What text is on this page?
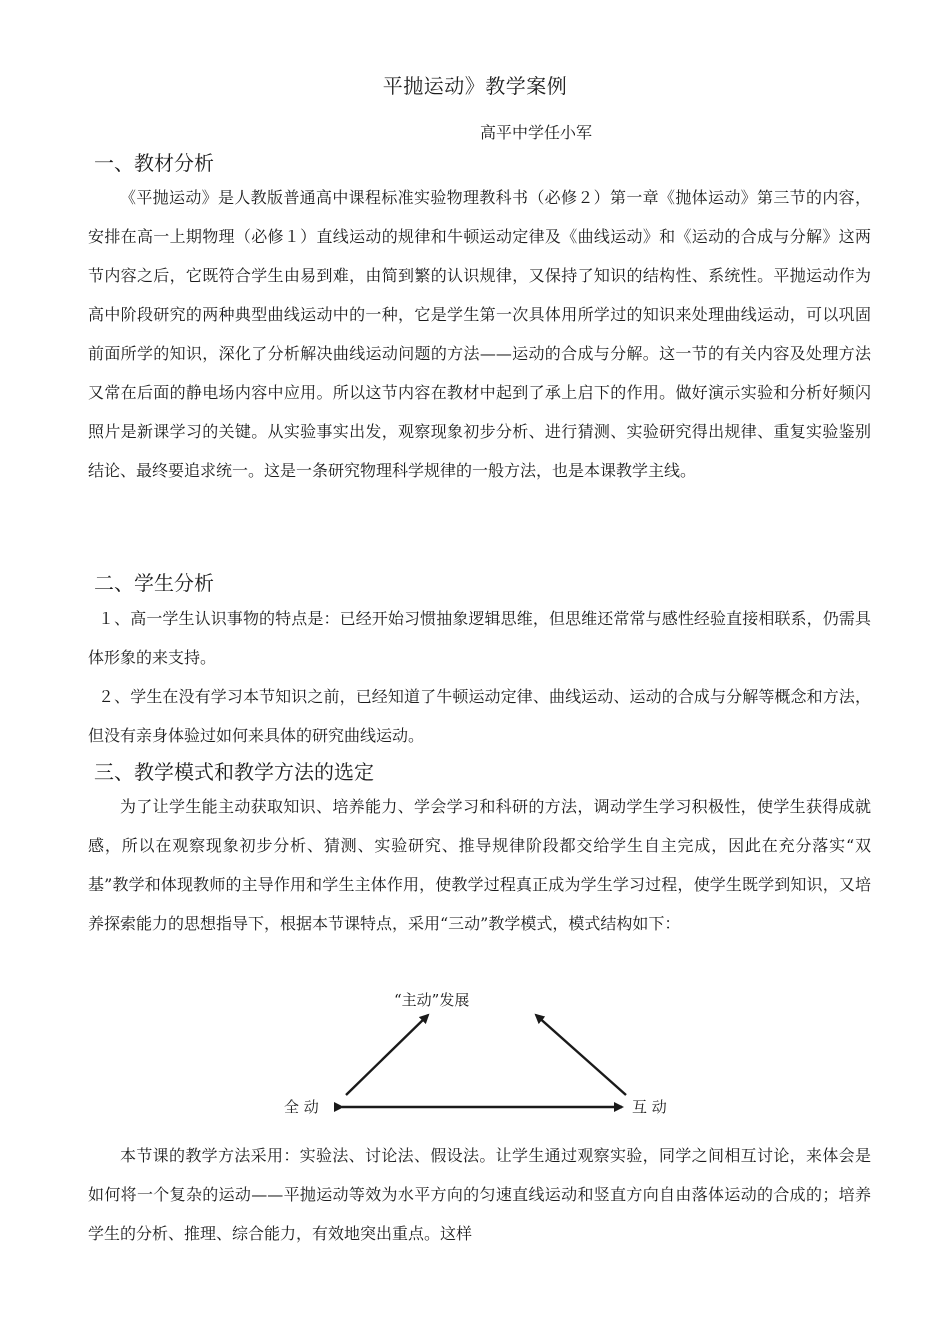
平抛运动》教学案例
高平中学任小军
一、教材分析
《平抛运动》是人教版普通高中课程标准实验物理教科书（必修２）第一章《抛体运动》第三节的内容，安排在高一上期物理（必修１）直线运动的规律和牛顿运动定律及《曲线运动》和《运动的合成与分解》这两节内容之后，它既符合学生由易到难，由简到繁的认识规律，又保持了知识的结构性、系统性。平抛运动作为高中阶段研究的两种典型曲线运动中的一种，它是学生第一次具体用所学过的知识来处理曲线运动，可以巩固前面所学的知识，深化了分析解决曲线运动问题的方法——运动的合成与分解。这一节的有关内容及处理方法又常在后面的静电场内容中应用。所以这节内容在教材中起到了承上启下的作用。做好演示实验和分析好频闪照片是新课学习的关键。从实验事实出发，观察现象初步分析、进行猜测、实验研究得出规律、重复实验鉴别结论、最终要追求统一。这是一条研究物理科学规律的一般方法，也是本课教学主线。
二、学生分析
１、高一学生认识事物的特点是：已经开始习惯抽象逻辑思维，但思维还常常与感性经验直接相联系，仍需具体形象的来支持。
２、学生在没有学习本节知识之前，已经知道了牛顿运动定律、曲线运动、运动的合成与分解等概念和方法，但没有亲身体验过如何来具体的研究曲线运动。
三、教学模式和教学方法的选定
为了让学生能主动获取知识、培养能力、学会学习和科研的方法，调动学生学习积极性，使学生获得成就感，所以在观察现象初步分析、猜测、实验研究、推导规律阶段都交给学生自主完成，因此在充分落实“双基”教学和体现教师的主导作用和学生主体作用，使教学过程真正成为学生学习过程，使学生既学到知识，又培养探索能力的思想指导下，根据本节课特点，采用“三动”教学模式，模式结构如下：
“主动”发展
全 动	互 动
本节课的教学方法采用：实验法、讨论法、假设法。让学生通过观察实验，同学之间相互讨论，来体会是如何将一个复杂的运动——平抛运动等效为水平方向的匀速直线运动和竖直方向自由落体运动的合成的；培养学生的分析、推理、综合能力，有效地突出重点。这样
